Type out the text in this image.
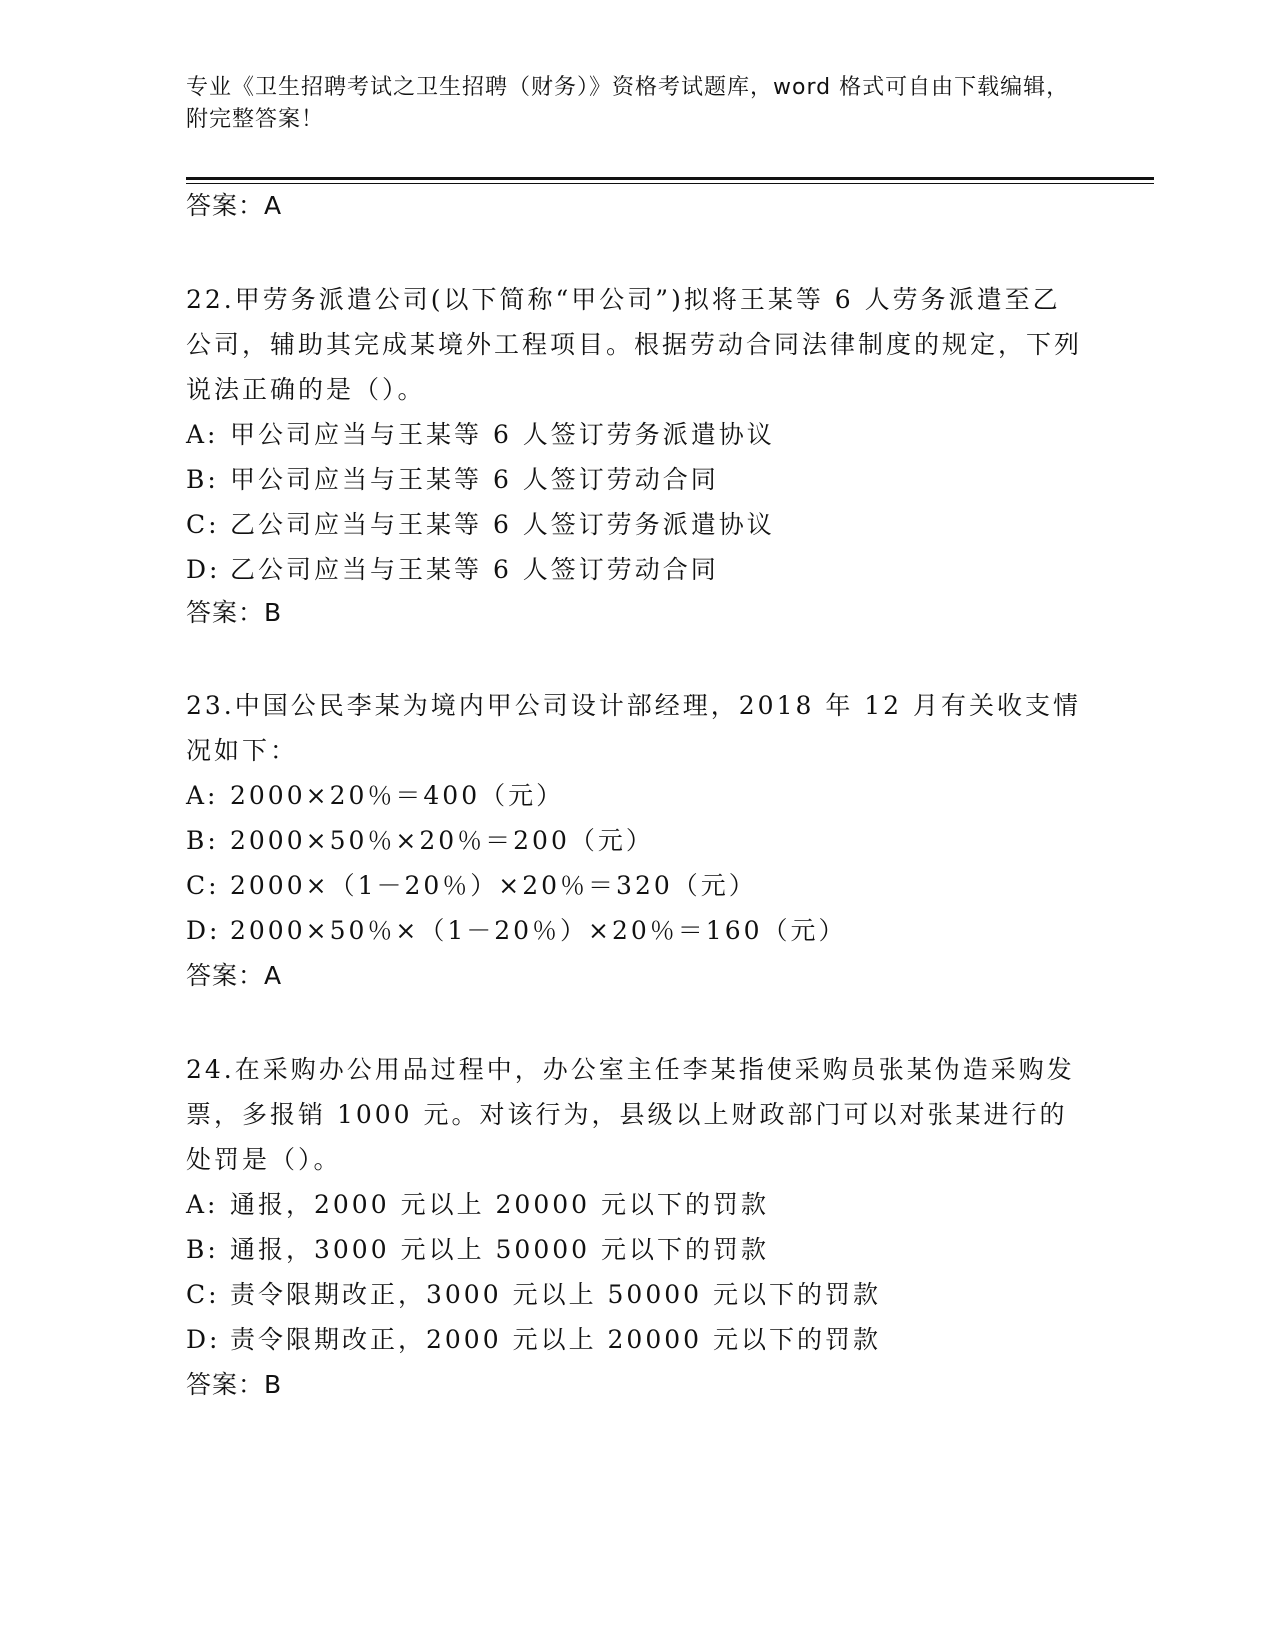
专业《卫生招聘考试之卫生招聘（财务）》资格考试题库，word 格式可自由下载编辑，附完整答案！
答案：A
22.甲劳务派遣公司(以下简称“甲公司”)拟将王某等 6 人劳务派遣至乙公司，辅助其完成某境外工程项目。根据劳动合同法律制度的规定，下列说法正确的是（）。
A: 甲公司应当与王某等 6 人签订劳务派遣协议
B: 甲公司应当与王某等 6 人签订劳动合同
C: 乙公司应当与王某等 6 人签订劳务派遣协议
D: 乙公司应当与王某等 6 人签订劳动合同
答案：B
23.中国公民李某为境内甲公司设计部经理，2018 年 12 月有关收支情况如下：
A: 2000×20％＝400（元）
B: 2000×50％×20％＝200（元）
C: 2000×（1－20％）×20％＝320（元）
D: 2000×50％×（1－20％）×20％＝160（元）
答案：A
24.在采购办公用品过程中，办公室主任李某指使采购员张某伪造采购发票，多报销 1000 元。对该行为，县级以上财政部门可以对张某进行的处罚是（）。
A: 通报，2000 元以上 20000 元以下的罚款
B: 通报，3000 元以上 50000 元以下的罚款
C: 责令限期改正，3000 元以上 50000 元以下的罚款
D: 责令限期改正，2000 元以上 20000 元以下的罚款
答案：B
